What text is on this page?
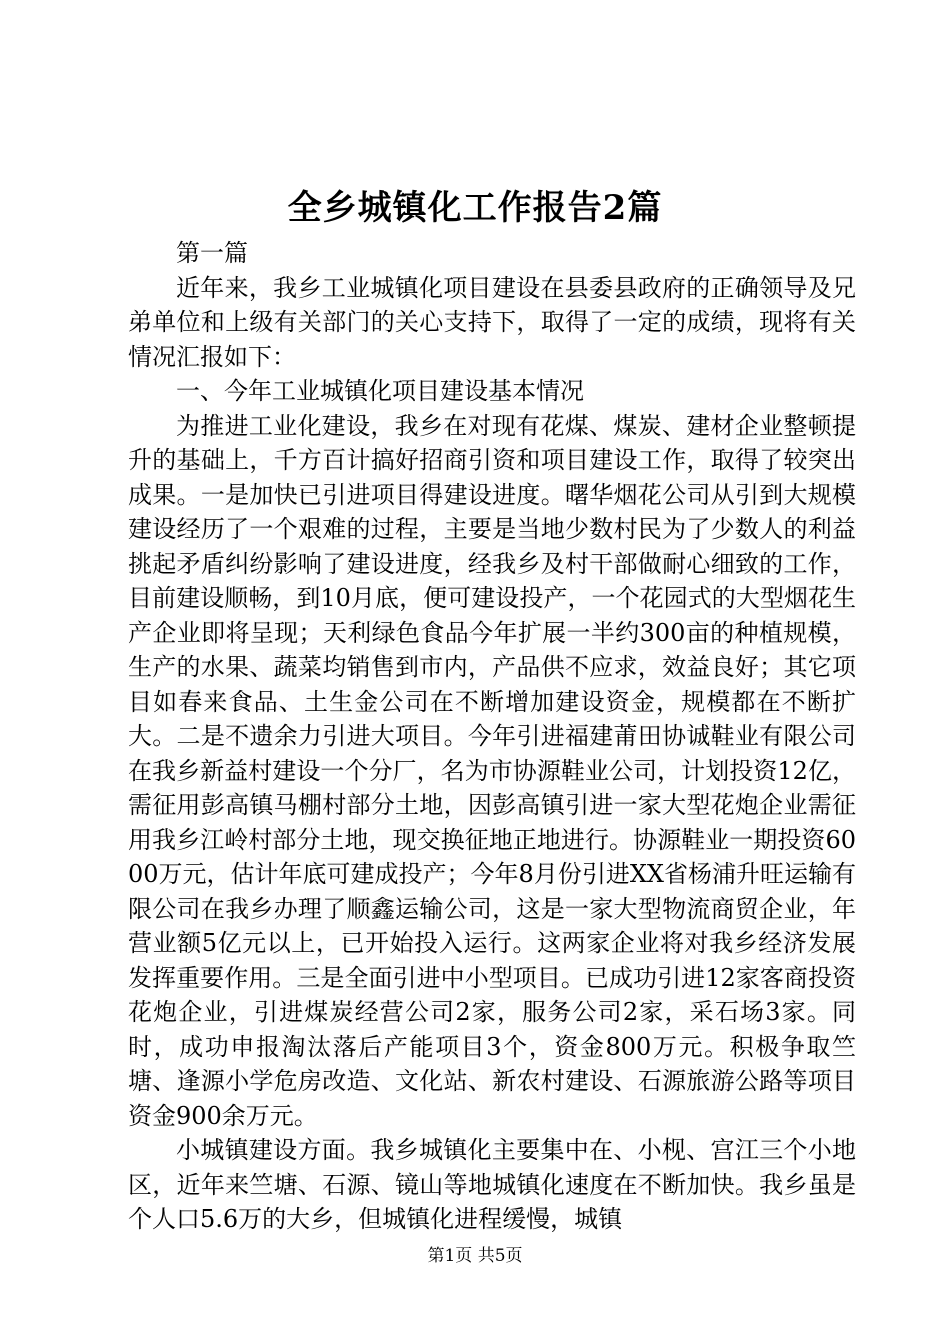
全乡城镇化工作报告2篇

第一篇

近年来，我乡工业城镇化项目建设在县委县政府的正确领导及兄弟单位和上级有关部门的关心支持下，取得了一定的成绩，现将有关情况汇报如下：

一、今年工业城镇化项目建设基本情况

为推进工业化建设，我乡在对现有花煤、煤炭、建材企业整顿提升的基础上，千方百计搞好招商引资和项目建设工作，取得了较突出成果。一是加快已引进项目得建设进度。曙华烟花公司从引到大规模建设经历了一个艰难的过程，主要是当地少数村民为了少数人的利益挑起矛盾纠纷影响了建设进度，经我乡及村干部做耐心细致的工作，目前建设顺畅，到10月底，便可建设投产，一个花园式的大型烟花生产企业即将呈现；天利绿色食品今年扩展一半约300亩的种植规模，生产的水果、蔬菜均销售到市内，产品供不应求，效益良好；其它项目如春来食品、土生金公司在不断增加建设资金，规模都在不断扩大。二是不遗余力引进大项目。今年引进福建莆田协诚鞋业有限公司在我乡新益村建设一个分厂，名为市协源鞋业公司，计划投资12亿，需征用彭高镇马棚村部分土地，因彭高镇引进一家大型花炮企业需征用我乡江岭村部分土地，现交换征地正地进行。协源鞋业一期投资6000万元，估计年底可建成投产；今年8月份引进XX省杨浦升旺运输有限公司在我乡办理了顺鑫运输公司，这是一家大型物流商贸企业，年营业额5亿元以上，已开始投入运行。这两家企业将对我乡经济发展发挥重要作用。三是全面引进中小型项目。已成功引进12家客商投资花炮企业，引进煤炭经营公司2家，服务公司2家，采石场3家。同时，成功申报淘汰落后产能项目3个，资金800万元。积极争取竺塘、逢源小学危房改造、文化站、新农村建设、石源旅游公路等项目资金900余万元。

小城镇建设方面。我乡城镇化主要集中在、小枧、宫江三个小地区，近年来竺塘、石源、镜山等地城镇化速度在不断加快。我乡虽是个人口5.6万的大乡，但城镇化进程缓慢，城镇

第1页 共5页
